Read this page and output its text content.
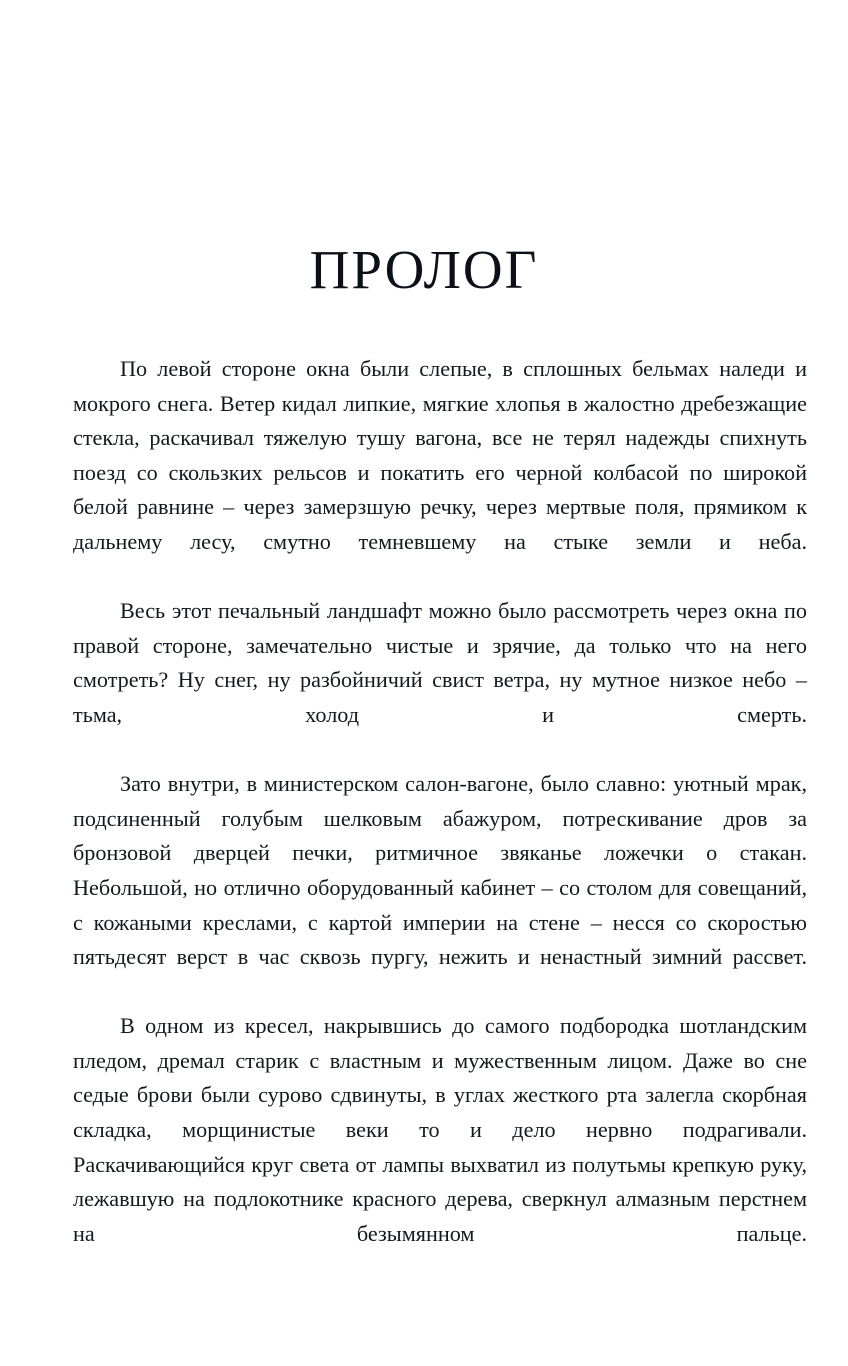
ПРОЛОГ

По левой стороне окна были слепые, в сплошных бельмах наледи и мокрого снега. Ветер кидал липкие, мягкие хлопья в жалостно дребезжащие стекла, раскачивал тяжелую тушу вагона, все не терял надежды спихнуть поезд со скользких рельсов и покатить его черной колбасой по широкой белой равнине – через замерзшую речку, через мертвые поля, прямиком к дальнему лесу, смутно темневшему на стыке земли и неба.

Весь этот печальный ландшафт можно было рассмотреть через окна по правой стороне, замечательно чистые и зрячие, да только что на него смотреть? Ну снег, ну разбойничий свист ветра, ну мутное низкое небо – тьма, холод и смерть.

Зато внутри, в министерском салон-вагоне, было славно: уютный мрак, подсиненный голубым шелковым абажуром, потрескивание дров за бронзовой дверцей печки, ритмичное звяканье ложечки о стакан. Небольшой, но отлично оборудованный кабинет – со столом для совещаний, с кожаными креслами, с картой империи на стене – несся со скоростью пятьдесят верст в час сквозь пургу, нежить и ненастный зимний рассвет.

В одном из кресел, накрывшись до самого подбородка шотландским пледом, дремал старик с властным и мужественным лицом. Даже во сне седые брови были сурово сдвинуты, в углах жесткого рта залегла скорбная складка, морщинистые веки то и дело нервно подрагивали. Раскачивающийся круг света от лампы выхватил из полутьмы крепкую руку, лежавшую на подлокотнике красного дерева, сверкнул алмазным перстнем на безымянном пальце.
